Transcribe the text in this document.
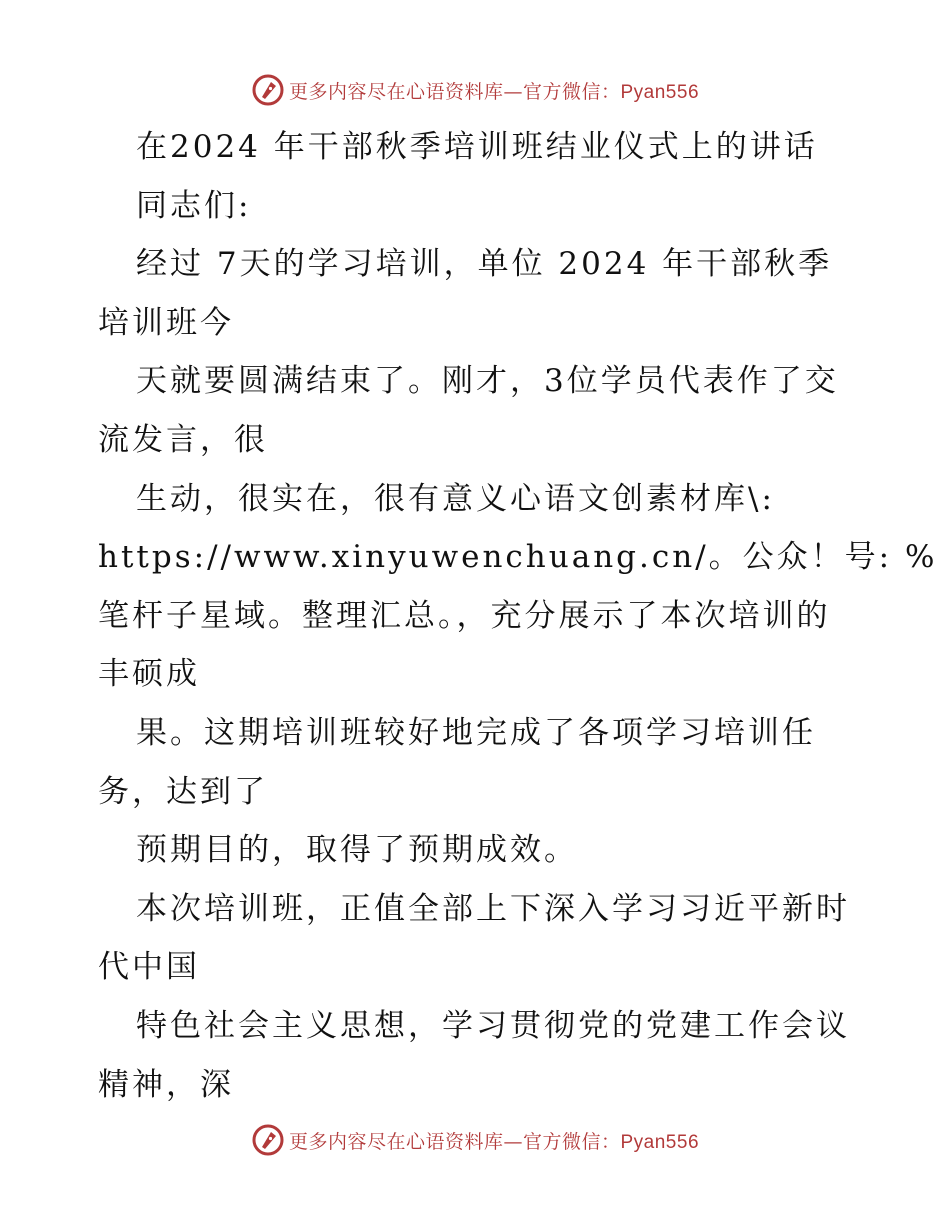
更多内容尽在心语资料库—官方微信：Pyan556
在2024 年干部秋季培训班结业仪式上的讲话
同志们:
经过 7天的学习培训，单位 2024 年干部秋季
培训班今
天就要圆满结束了。刚才，3位学员代表作了交
流发言，很
生动，很实在，很有意义心语文创素材库\:
https://www.xinyuwenchuang.cn/。公众！号: %
笔杆子星域。整理汇总。，充分展示了本次培训的
丰硕成
果。这期培训班较好地完成了各项学习培训任
务，达到了
预期目的，取得了预期成效。
本次培训班，正值全部上下深入学习习近平新时
代中国
特色社会主义思想，学习贯彻党的党建工作会议
精神，深
更多内容尽在心语资料库—官方微信：Pyan556
